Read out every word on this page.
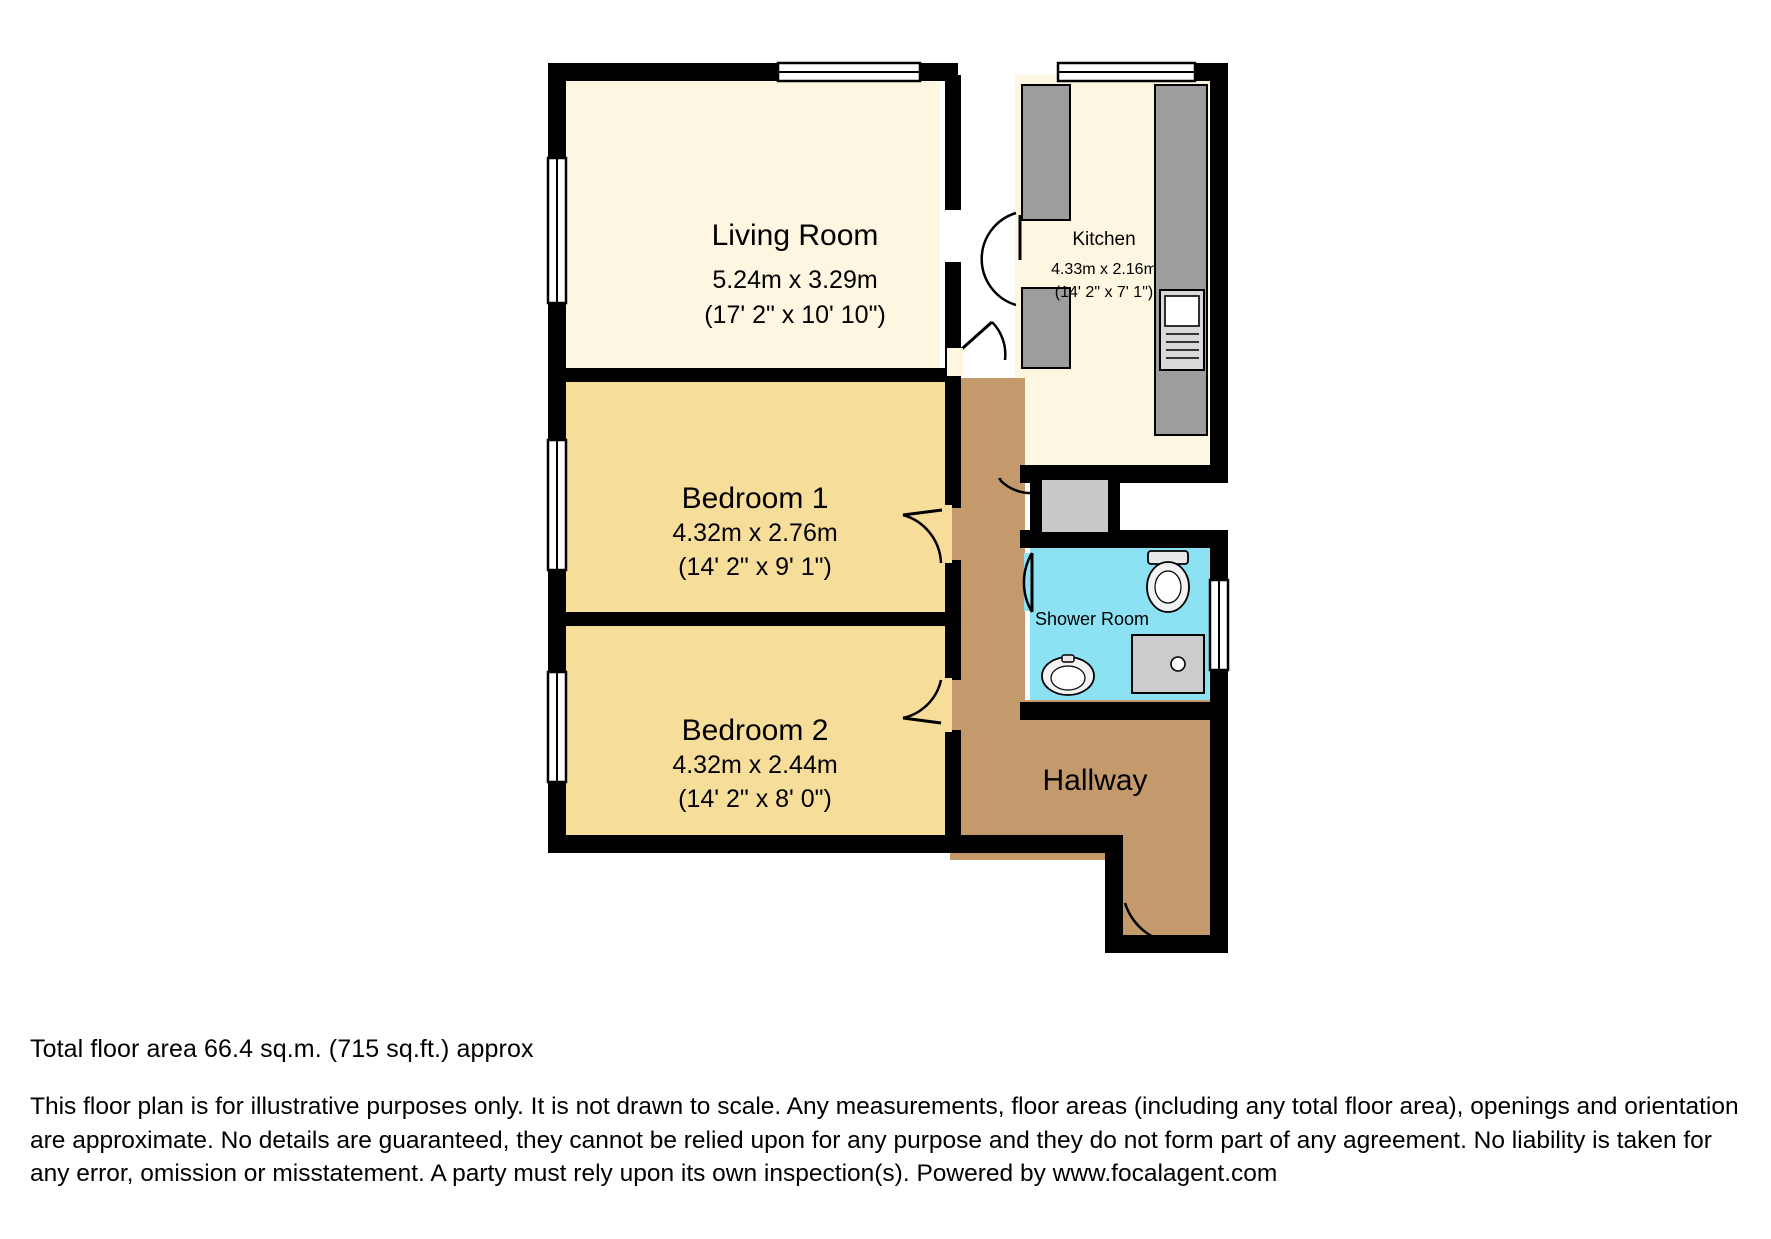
Living Room
5.24m x 3.29m
(17' 2" x 10' 10")
Kitchen
4.33m x 2.16m
(14' 2" x 7' 1")
Bedroom 1
4.32m x 2.76m
(14' 2" x 9' 1")
Bedroom 2
4.32m x 2.44m
(14' 2" x 8' 0")
Shower Room
Hallway

Total floor area 66.4 sq.m. (715 sq.ft.) approx

This floor plan is for illustrative purposes only. It is not drawn to scale. Any measurements, floor areas (including any total floor area), openings and orientation are approximate. No details are guaranteed, they cannot be relied upon for any purpose and they do not form part of any agreement. No liability is taken for any error, omission or misstatement. A party must rely upon its own inspection(s). Powered by www.focalagent.com
